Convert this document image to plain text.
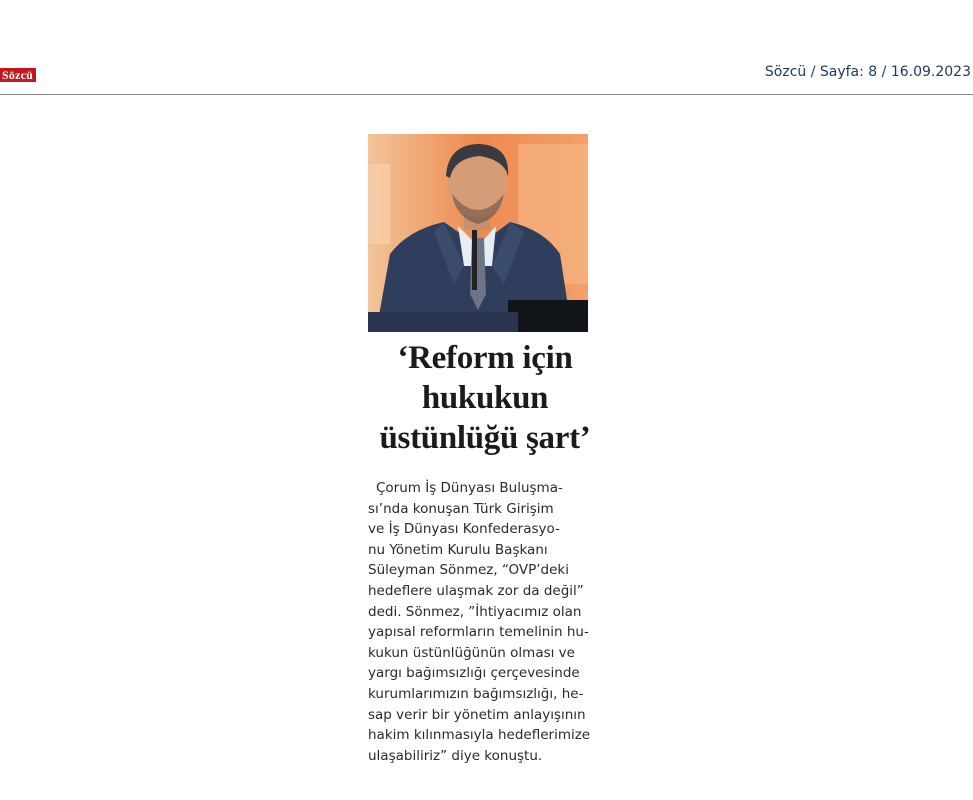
Sözcü	Sözcü / Sayfa: 8 / 16.09.2023
‘Reform için
hukukun
üstünlüğü şart’
Çorum İş Dünyası Buluşma-
sı’nda konuşan Türk Girişim
ve İş Dünyası Konfederasyo-
nu Yönetim Kurulu Başkanı
Süleyman Sönmez, “OVP’deki
hedeflere ulaşmak zor da değil”
dedi. Sönmez, ”İhtiyacımız olan
yapısal reformların temelinin hu-
kukun üstünlüğünün olması ve
yargı bağımsızlığı çerçevesinde
kurumlarımızın bağımsızlığı, he-
sap verir bir yönetim anlayışının
hakim kılınmasıyla hedeflerimize
ulaşabiliriz” diye konuştu.
